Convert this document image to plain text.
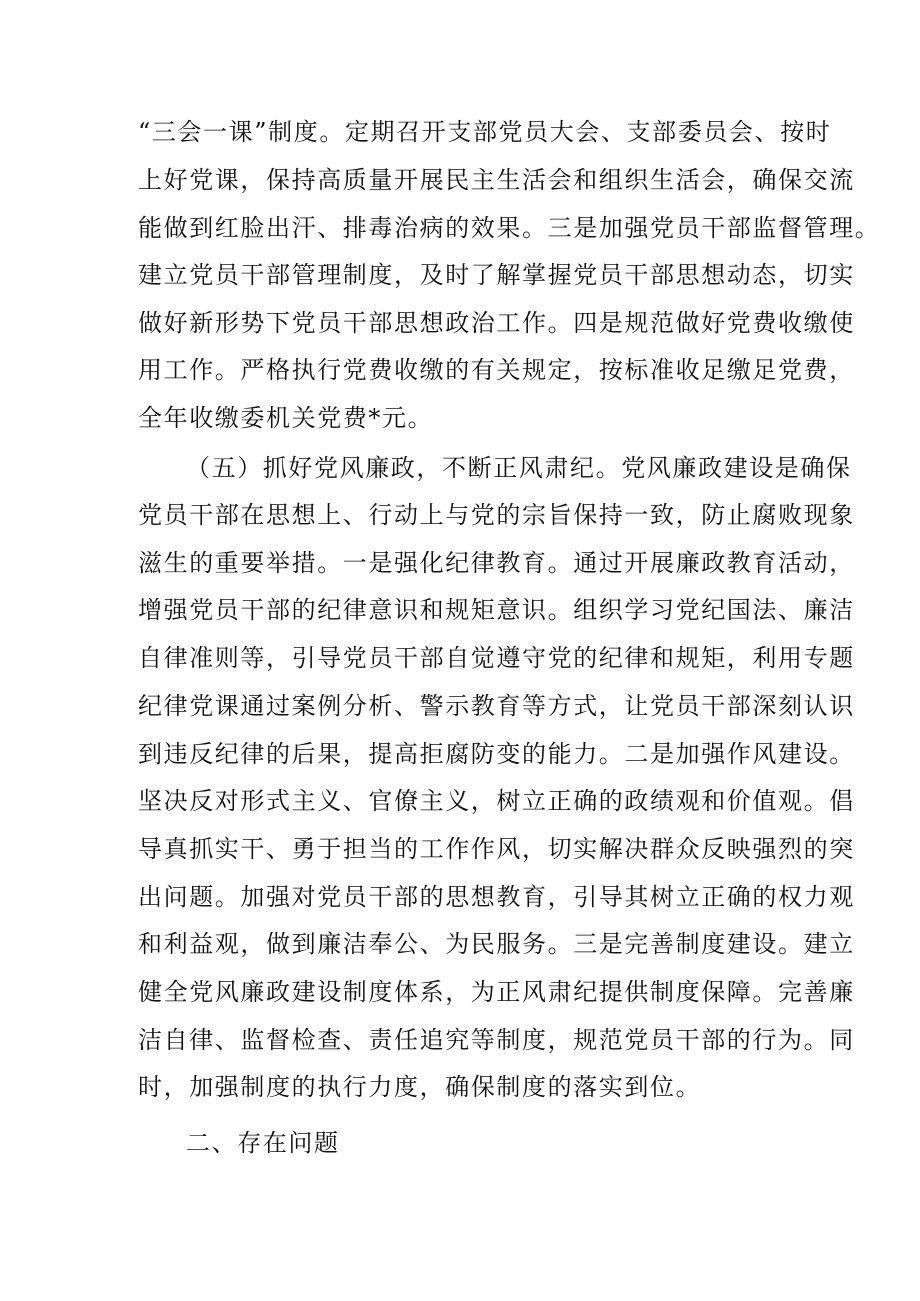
“三会一课”制度。定期召开支部党员大会、支部委员会、按时
上好党课，保持高质量开展民主生活会和组织生活会，确保交流
能做到红脸出汗、排毒治病的效果。三是加强党员干部监督管理。
建立党员干部管理制度，及时了解掌握党员干部思想动态，切实
做好新形势下党员干部思想政治工作。四是规范做好党费收缴使
用工作。严格执行党费收缴的有关规定，按标准收足缴足党费，
全年收缴委机关党费*元。
（五）抓好党风廉政，不断正风肃纪。党风廉政建设是确保
党员干部在思想上、行动上与党的宗旨保持一致，防止腐败现象
滋生的重要举措。一是强化纪律教育。通过开展廉政教育活动，
增强党员干部的纪律意识和规矩意识。组织学习党纪国法、廉洁
自律准则等，引导党员干部自觉遵守党的纪律和规矩，利用专题
纪律党课通过案例分析、警示教育等方式，让党员干部深刻认识
到违反纪律的后果，提高拒腐防变的能力。二是加强作风建设。
坚决反对形式主义、官僚主义，树立正确的政绩观和价值观。倡
导真抓实干、勇于担当的工作作风，切实解决群众反映强烈的突
出问题。加强对党员干部的思想教育，引导其树立正确的权力观
和利益观，做到廉洁奉公、为民服务。三是完善制度建设。建立
健全党风廉政建设制度体系，为正风肃纪提供制度保障。完善廉
洁自律、监督检查、责任追究等制度，规范党员干部的行为。同
时，加强制度的执行力度，确保制度的落实到位。
二、存在问题
